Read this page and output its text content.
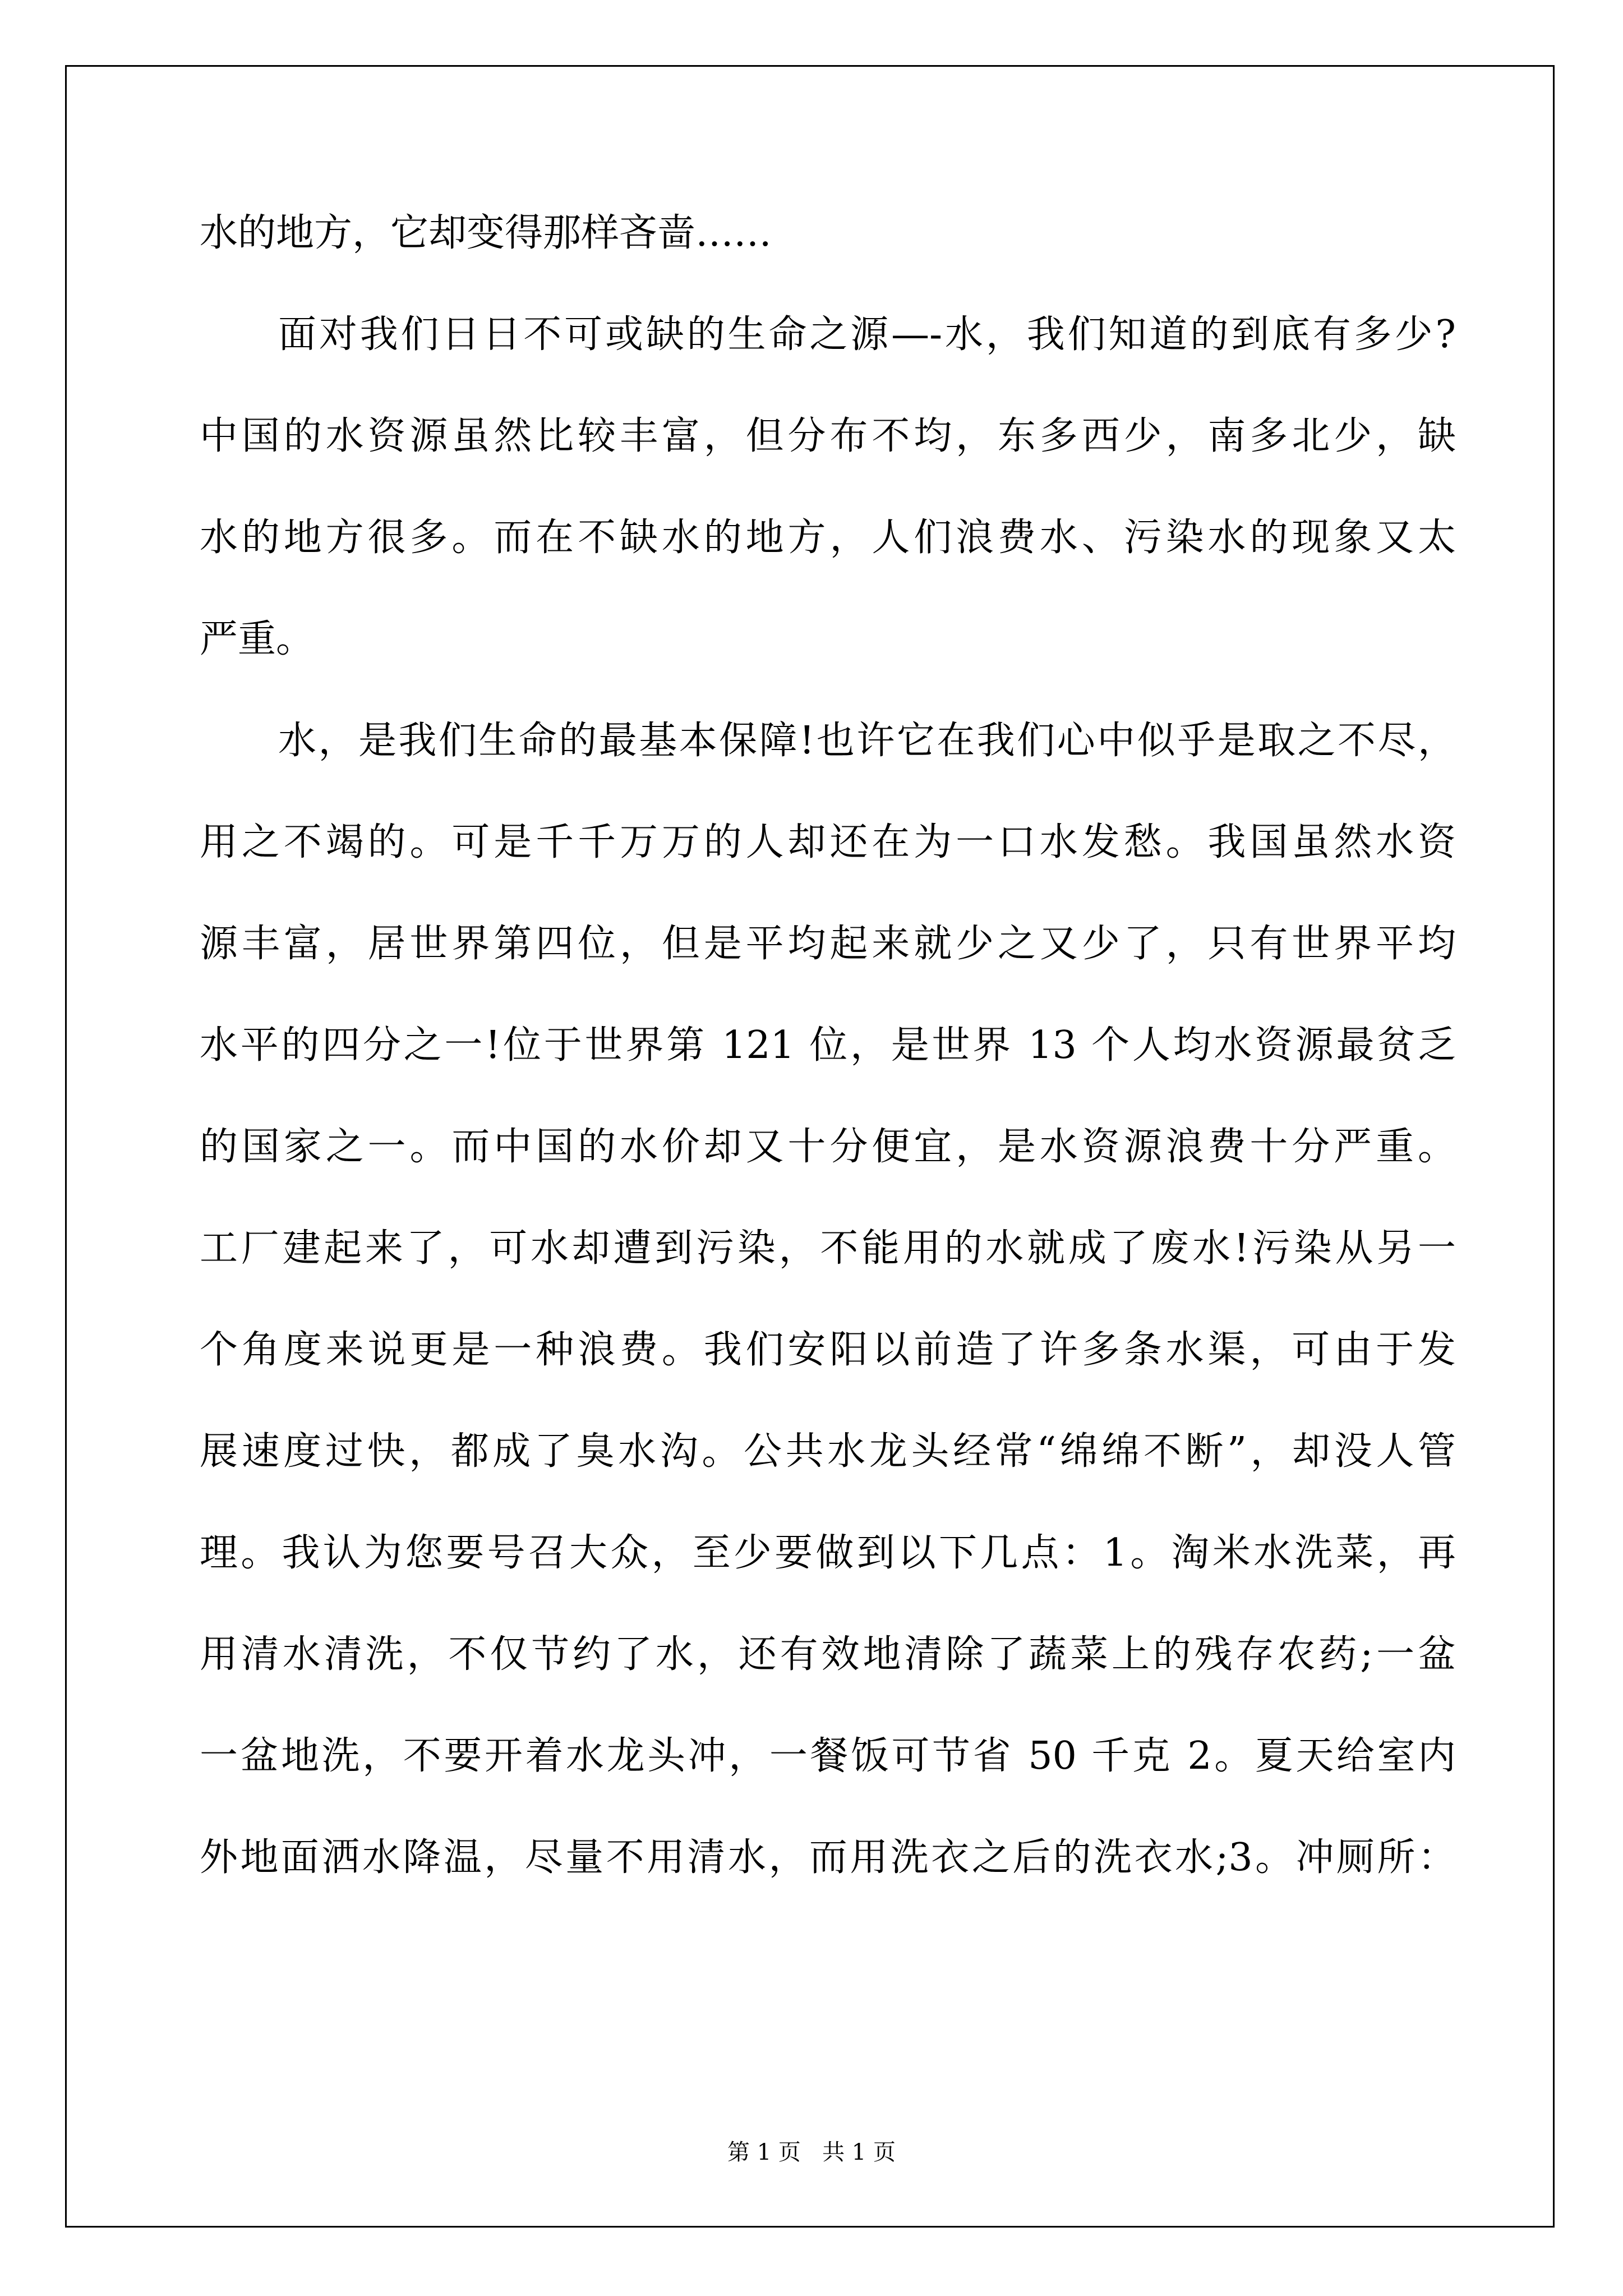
水的地方，它却变得那样吝啬……
面对我们日日不可或缺的生命之源—-水，我们知道的到底有多少?
中国的水资源虽然比较丰富，但分布不均，东多西少，南多北少，缺
水的地方很多。而在不缺水的地方，人们浪费水、污染水的现象又太
严重。
水，是我们生命的最基本保障!也许它在我们心中似乎是取之不尽，
用之不竭的。可是千千万万的人却还在为一口水发愁。我国虽然水资
源丰富，居世界第四位，但是平均起来就少之又少了，只有世界平均
水平的四分之一!位于世界第 121 位，是世界 13 个人均水资源最贫乏
的国家之一。而中国的水价却又十分便宜，是水资源浪费十分严重。
工厂建起来了，可水却遭到污染，不能用的水就成了废水!污染从另一
个角度来说更是一种浪费。我们安阳以前造了许多条水渠，可由于发
展速度过快，都成了臭水沟。公共水龙头经常“绵绵不断”，却没人管
理。我认为您要号召大众，至少要做到以下几点：1。淘米水洗菜，再
用清水清洗，不仅节约了水，还有效地清除了蔬菜上的残存农药;一盆
一盆地洗，不要开着水龙头冲，一餐饭可节省 50 千克 2。夏天给室内
外地面洒水降温，尽量不用清水，而用洗衣之后的洗衣水;3。冲厕所：
第 1 页   共 1 页
